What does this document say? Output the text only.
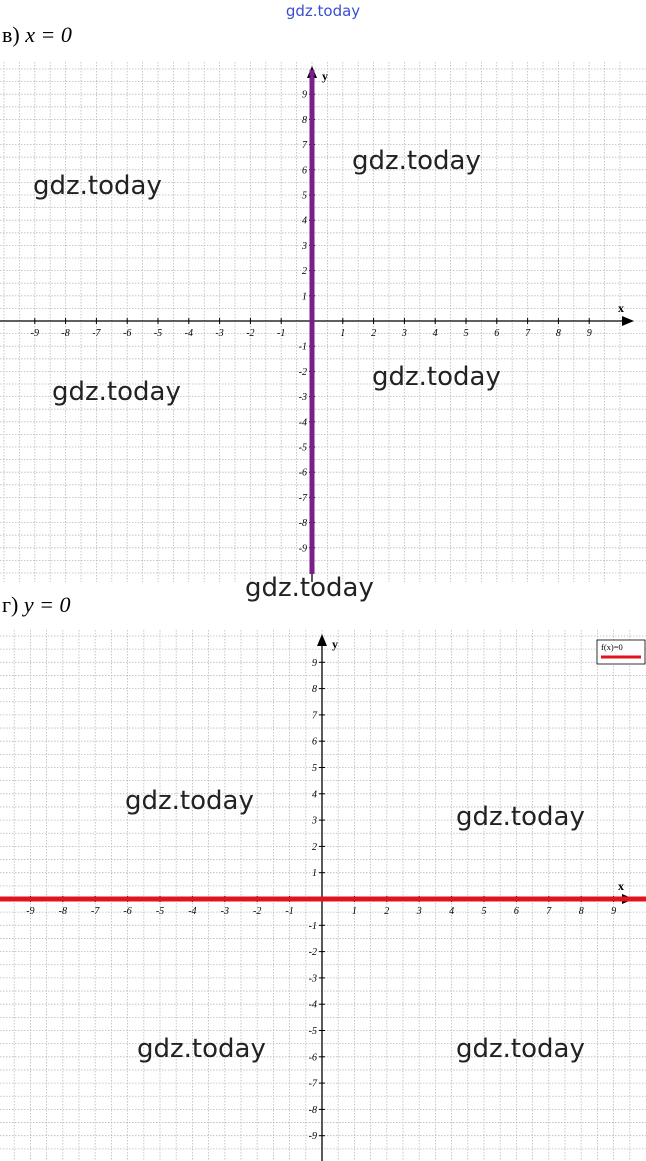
gdz.today
в) x = 0
x
y
-9 -8 -7 -6 -5 -4 -3 -2 -1	1	2	3	4	5	6	7	8	9
-9
-8
-7
-6
-5
-4
-3
-2
-1
1
2
3
4
5
6
7
8
9
gdz.today
gdz.today
gdz.today
gdz.today
gdz.today
г) y = 0
x
y
-9 -8 -7 -6 -5 -4 -3 -2 -1	1	2	3	4	5	6	7	8	9
-9
-8
-7
-6
-5
-4
-3
-2
-1
1
2
3
4
5
6
7
8
9
f(x)=0
gdz.today
gdz.today
gdz.today	gdz.today
